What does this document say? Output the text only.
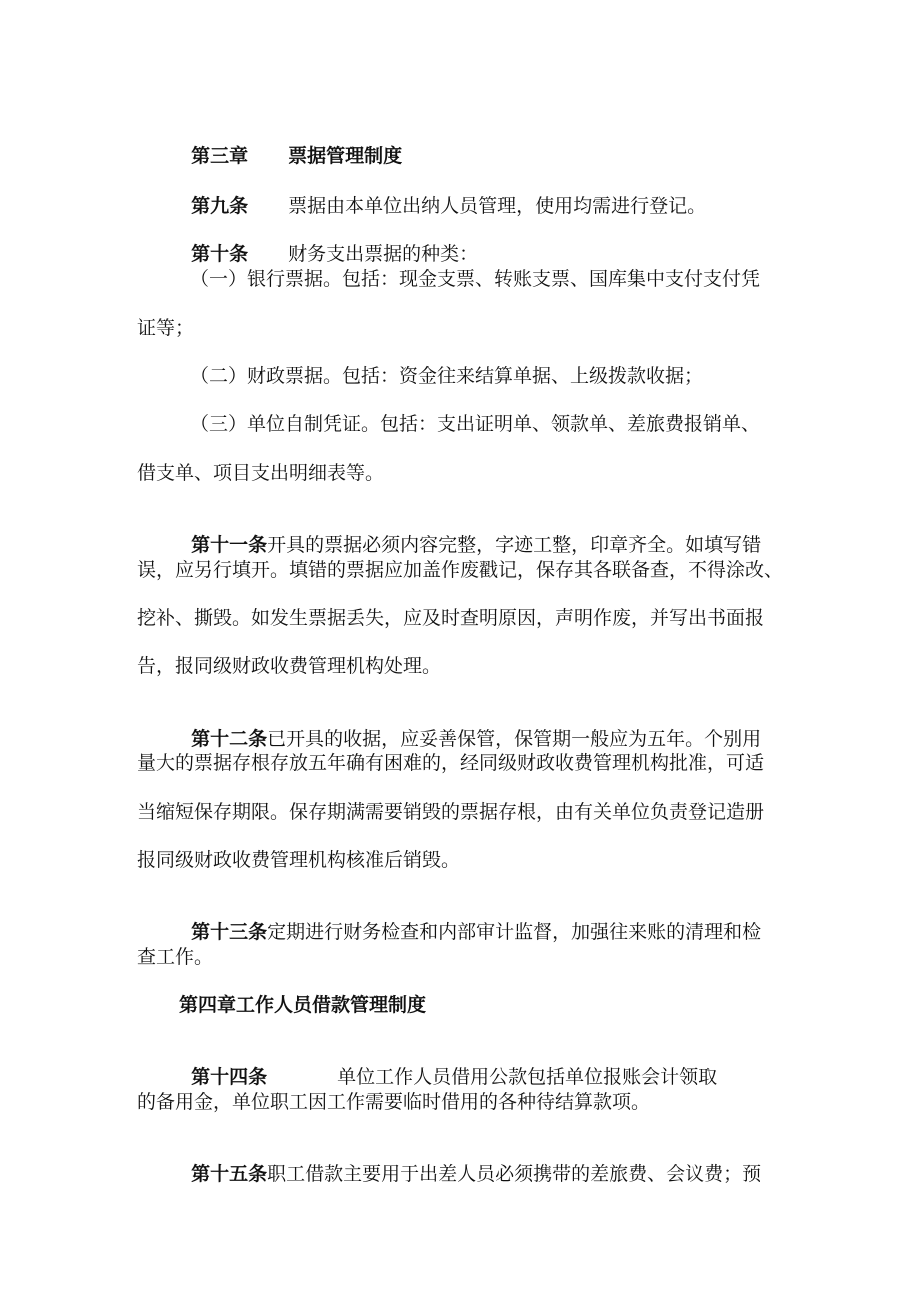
第三章 票据管理制度

第九条 票据由本单位出纳人员管理，使用均需进行登记。

第十条 财务支出票据的种类：

（一）银行票据。包括：现金支票、转账支票、国库集中支付支付凭
证等；
（二）财政票据。包括：资金往来结算单据、上级拨款收据；
（三）单位自制凭证。包括：支出证明单、领款单、差旅费报销单、
借支单、项目支出明细表等。

第十一条开具的票据必须内容完整，字迹工整，印章齐全。如填写错

误，应另行填开。填错的票据应加盖作废戳记，保存其各联备查，不得涂改、
挖补、撕毁。如发生票据丢失，应及时查明原因，声明作废，并写出书面报
告，报同级财政收费管理机构处理。

第十二条已开具的收据，应妥善保管，保管期一般应为五年。个别用

量大的票据存根存放五年确有困难的，经同级财政收费管理机构批准，可适
当缩短保存期限。保存期满需要销毁的票据存根，由有关单位负责登记造册
报同级财政收费管理机构核准后销毁。

第十三条定期进行财务检查和内部审计监督，加强往来账的清理和检

查工作。
第四章工作人员借款管理制度

第十四条	单位工作人员借用公款包括单位报账会计领取

的备用金，单位职工因工作需要临时借用的各种待结算款项。

第十五条职工借款主要用于出差人员必须携带的差旅费、会议费；预
